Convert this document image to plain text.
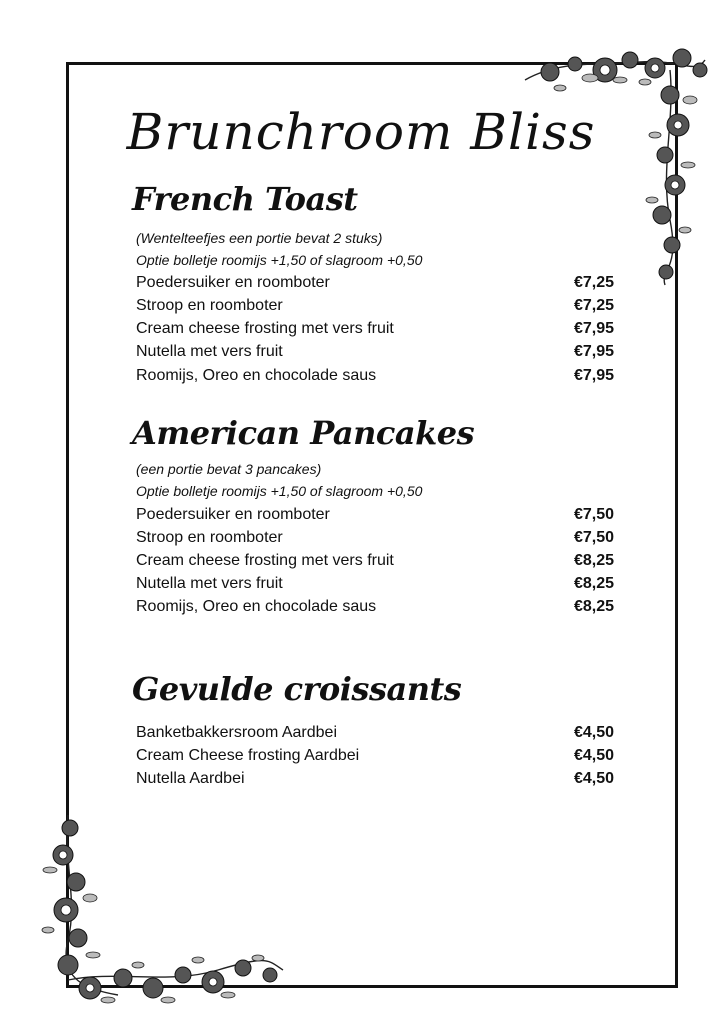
Brunchroom Bliss
French Toast
(Wentelteefjes een portie bevat 2 stuks)
Optie bolletje roomijs +1,50 of slagroom +0,50
Poedersuiker en roomboter	€7,25
Stroop en roomboter	€7,25
Cream cheese frosting met vers fruit	€7,95
Nutella met vers fruit	€7,95
Roomijs, Oreo en chocolade saus	€7,95
American Pancakes
(een portie bevat 3 pancakes)
Optie bolletje roomijs +1,50 of slagroom +0,50
Poedersuiker en roomboter	€7,50
Stroop en roomboter	€7,50
Cream cheese frosting met vers fruit	€8,25
Nutella met vers fruit	€8,25
Roomijs, Oreo en chocolade saus	€8,25
Gevulde croissants
Banketbakkersroom Aardbei	€4,50
Cream Cheese frosting Aardbei	€4,50
Nutella Aardbei	€4,50
